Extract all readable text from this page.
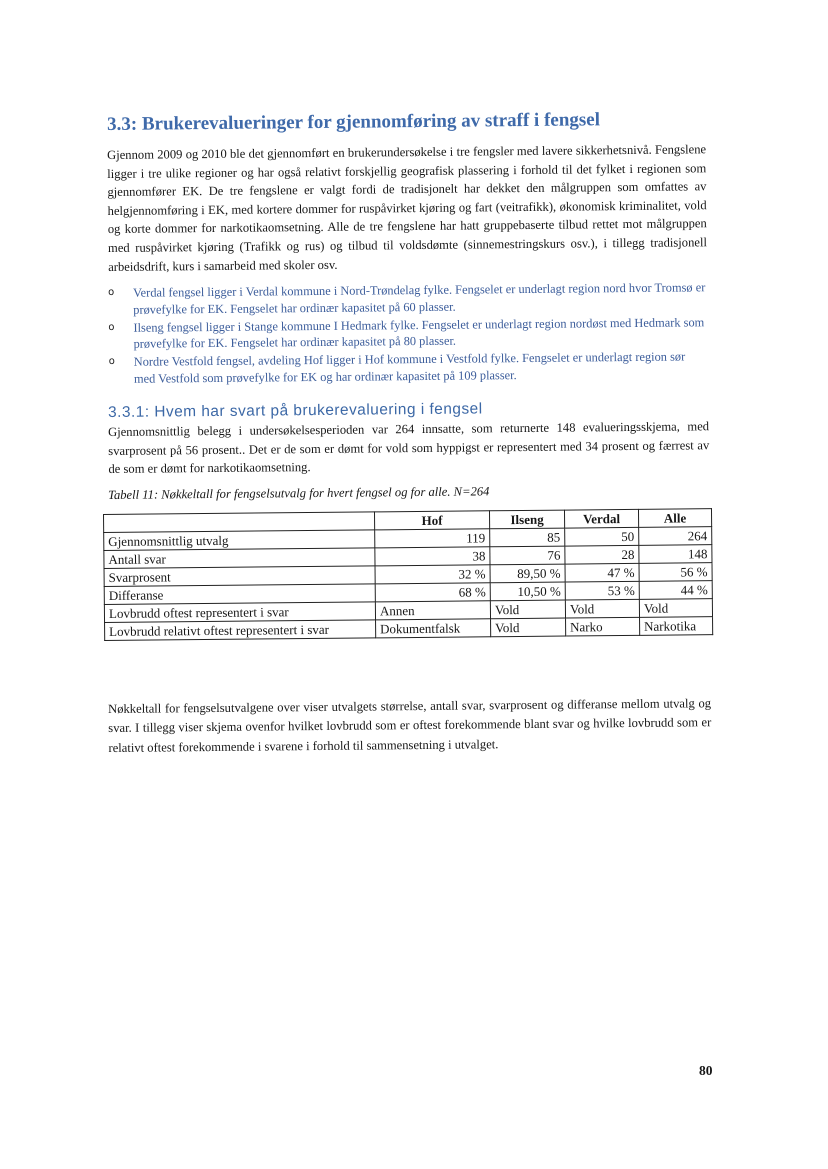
3.3: Brukerevalueringer for gjennomføring av straff i fengsel
Gjennom 2009 og 2010 ble det gjennomført en brukerundersøkelse i tre fengsler med lavere sikkerhetsnivå. Fengslene ligger i tre ulike regioner og har også relativt forskjellig geografisk plassering i forhold til det fylket i regionen som gjennomfører EK. De tre fengslene er valgt fordi de tradisjonelt har dekket den målgruppen som omfattes av helgjennomføring i EK, med kortere dommer for ruspåvirket kjøring og fart (veitrafikk), økonomisk kriminalitet, vold og korte dommer for narkotikaomsetning. Alle de tre fengslene har hatt gruppebaserte tilbud rettet mot målgruppen med ruspåvirket kjøring (Trafikk og rus) og tilbud til voldsdømte (sinnemestringskurs osv.), i tillegg tradisjonell arbeidsdrift, kurs i samarbeid med skoler osv.
o Verdal fengsel ligger i Verdal kommune i Nord-Trøndelag fylke. Fengselet er underlagt region nord hvor Tromsø er prøvefylke for EK. Fengselet har ordinær kapasitet på 60 plasser.
o Ilseng fengsel ligger i Stange kommune I Hedmark fylke. Fengselet er underlagt region nordøst med Hedmark som prøvefylke for EK. Fengselet har ordinær kapasitet på 80 plasser.
o Nordre Vestfold fengsel, avdeling Hof ligger i Hof kommune i Vestfold fylke. Fengselet er underlagt region sør med Vestfold som prøvefylke for EK og har ordinær kapasitet på 109 plasser.
3.3.1: Hvem har svart på brukerevaluering i fengsel
Gjennomsnittlig belegg i undersøkelsesperioden var 264 innsatte, som returnerte 148 evalueringsskjema, med svarprosent på 56 prosent.. Det er de som er dømt for vold som hyppigst er representert med 34 prosent og færrest av de som er dømt for narkotikaomsetning.
Tabell 11: Nøkkeltall for fengselsutvalg for hvert fengsel og for alle. N=264
	Hof	Ilseng	Verdal	Alle
Gjennomsnittlig utvalg	119	85	50	264
Antall svar	38	76	28	148
Svarprosent	32 %	89,50 %	47 %	56 %
Differanse	68 %	10,50 %	53 %	44 %
Lovbrudd oftest representert i svar	Annen	Vold	Vold	Vold
Lovbrudd relativt oftest representert i svar	Dokumentfalsk	Vold	Narko	Narkotika
Nøkkeltall for fengselsutvalgene over viser utvalgets størrelse, antall svar, svarprosent og differanse mellom utvalg og svar. I tillegg viser skjema ovenfor hvilket lovbrudd som er oftest forekommende blant svar og hvilke lovbrudd som er relativt oftest forekommende i svarene i forhold til sammensetning i utvalget.
80
